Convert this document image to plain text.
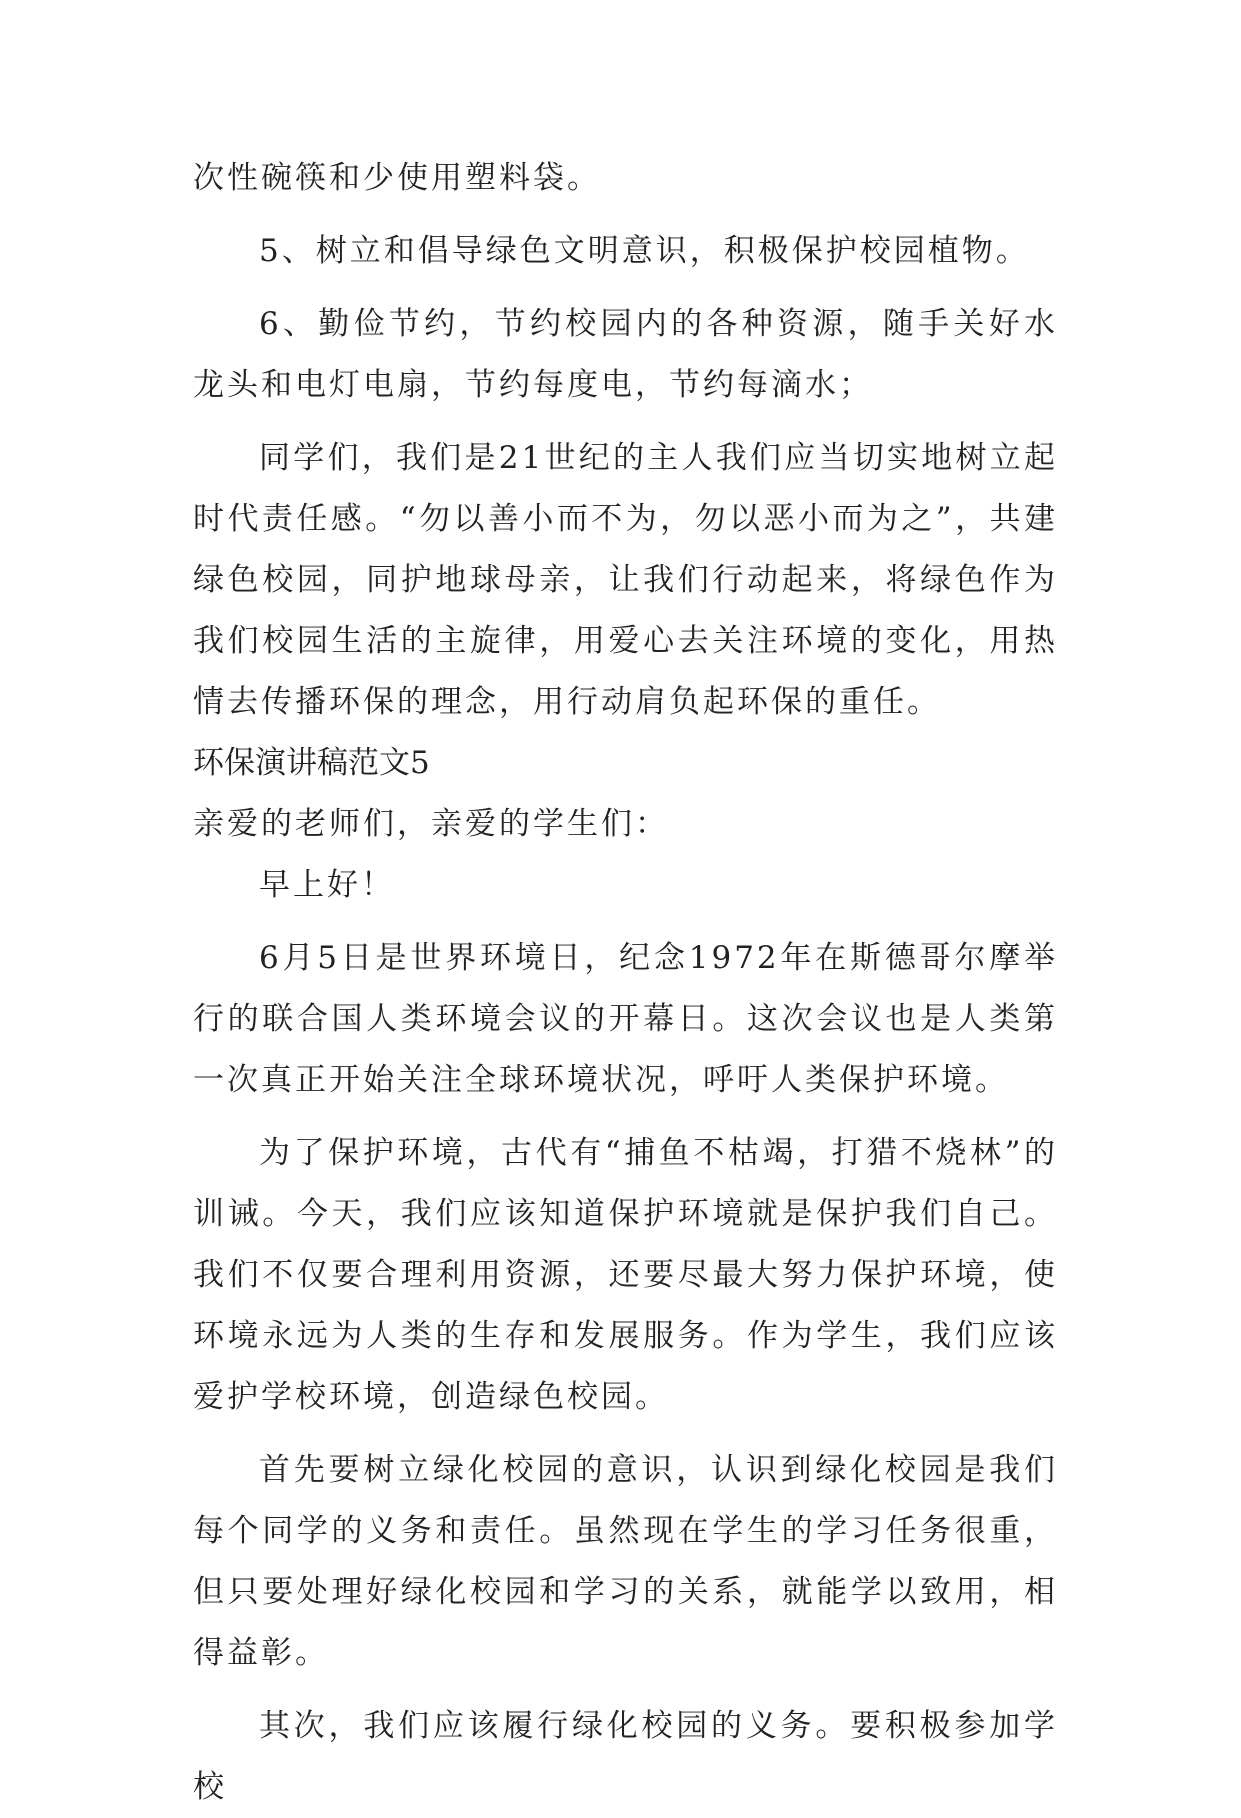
次性碗筷和少使用塑料袋。

5、树立和倡导绿色文明意识，积极保护校园植物。

6、勤俭节约，节约校园内的各种资源，随手关好水龙头和电灯电扇，节约每度电，节约每滴水；

同学们，我们是21世纪的主人我们应当切实地树立起时代责任感。“勿以善小而不为，勿以恶小而为之”，共建绿色校园，同护地球母亲，让我们行动起来，将绿色作为我们校园生活的主旋律，用爱心去关注环境的变化，用热情去传播环保的理念，用行动肩负起环保的重任。

环保演讲稿范文5

亲爱的老师们，亲爱的学生们：

早上好！

6月5日是世界环境日，纪念1972年在斯德哥尔摩举行的联合国人类环境会议的开幕日。这次会议也是人类第一次真正开始关注全球环境状况，呼吁人类保护环境。

为了保护环境，古代有“捕鱼不枯竭，打猎不烧林”的训诫。今天，我们应该知道保护环境就是保护我们自己。我们不仅要合理利用资源，还要尽最大努力保护环境，使环境永远为人类的生存和发展服务。作为学生，我们应该爱护学校环境，创造绿色校园。

首先要树立绿化校园的意识，认识到绿化校园是我们每个同学的义务和责任。虽然现在学生的学习任务很重，但只要处理好绿化校园和学习的关系，就能学以致用，相得益彰。

其次，我们应该履行绿化校园的义务。要积极参加学校
